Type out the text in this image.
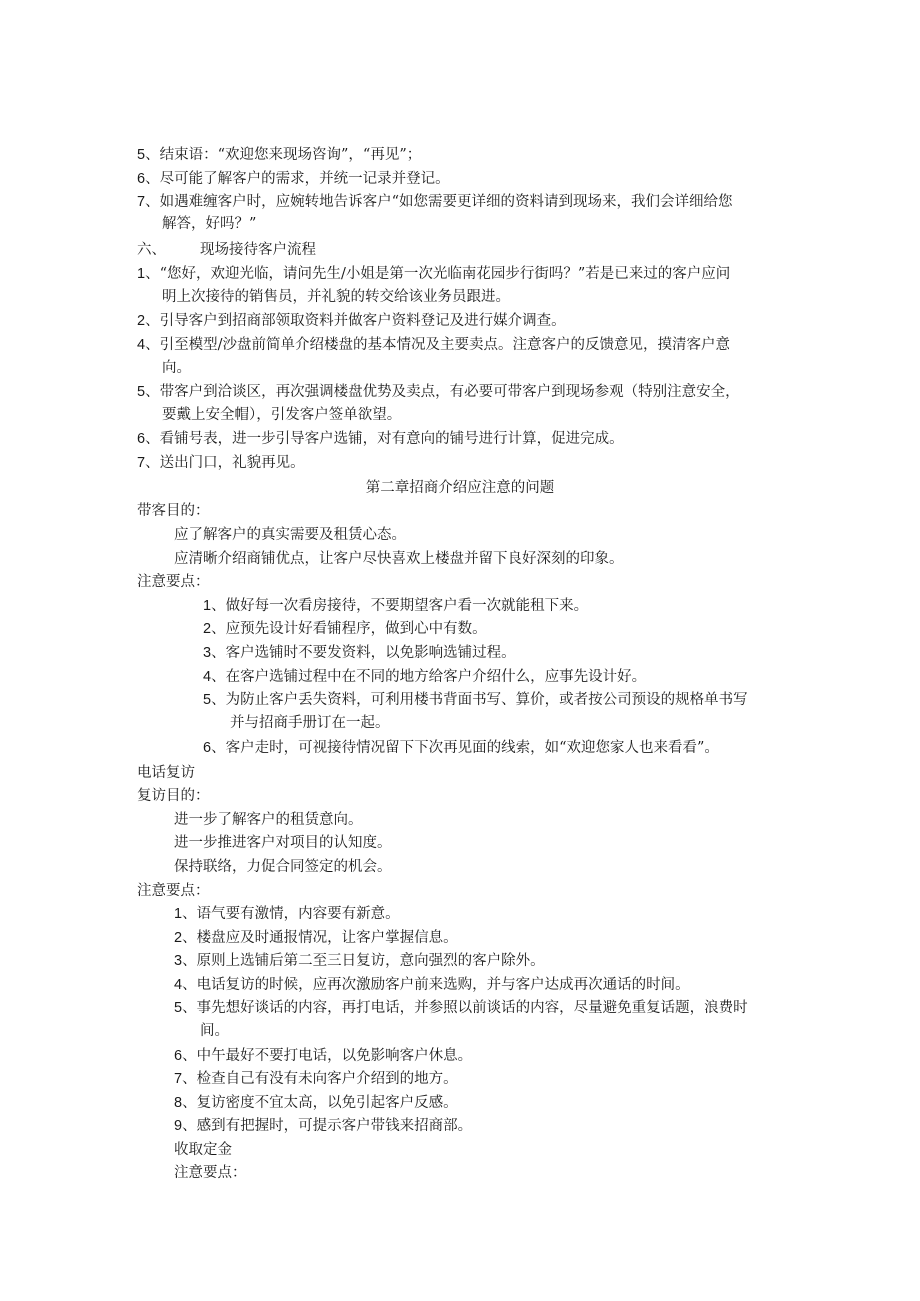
5、结束语：“欢迎您来现场咨询”，“再见”；
6、尽可能了解客户的需求，并统一记录并登记。
7、如遇难缠客户时，应婉转地告诉客户“如您需要更详细的资料请到现场来，我们会详细给您
解答，好吗？”
六、 现场接待客户流程
1、“您好，欢迎光临，请问先生/小姐是第一次光临南花园步行街吗？”若是已来过的客户应问
明上次接待的销售员，并礼貌的转交给该业务员跟进。
2、引导客户到招商部领取资料并做客户资料登记及进行媒介调查。
4、引至模型/沙盘前简单介绍楼盘的基本情况及主要卖点。注意客户的反馈意见，摸清客户意
向。
5、带客户到洽谈区，再次强调楼盘优势及卖点，有必要可带客户到现场参观（特别注意安全，
要戴上安全帽），引发客户签单欲望。
6、看铺号表，进一步引导客户选铺，对有意向的铺号进行计算，促进完成。
7、送出门口，礼貌再见。
第二章招商介绍应注意的问题
带客目的：
应了解客户的真实需要及租赁心态。
应清晰介绍商铺优点，让客户尽快喜欢上楼盘并留下良好深刻的印象。
注意要点：
1、做好每一次看房接待，不要期望客户看一次就能租下来。
2、应预先设计好看铺程序，做到心中有数。
3、客户选铺时不要发资料，以免影响选铺过程。
4、在客户选铺过程中在不同的地方给客户介绍什么，应事先设计好。
5、为防止客户丢失资料，可利用楼书背面书写、算价，或者按公司预设的规格单书写
并与招商手册订在一起。
6、客户走时，可视接待情况留下下次再见面的线索，如“欢迎您家人也来看看”。
电话复访
复访目的：
进一步了解客户的租赁意向。
进一步推进客户对项目的认知度。
保持联络，力促合同签定的机会。
注意要点：
1、语气要有激情，内容要有新意。
2、楼盘应及时通报情况，让客户掌握信息。
3、原则上选铺后第二至三日复访，意向强烈的客户除外。
4、电话复访的时候，应再次激励客户前来选购，并与客户达成再次通话的时间。
5、事先想好谈话的内容，再打电话，并参照以前谈话的内容，尽量避免重复话题，浪费时
间。
6、中午最好不要打电话，以免影响客户休息。
7、检查自己有没有未向客户介绍到的地方。
8、复访密度不宜太高，以免引起客户反感。
9、感到有把握时，可提示客户带钱来招商部。
收取定金
注意要点：
